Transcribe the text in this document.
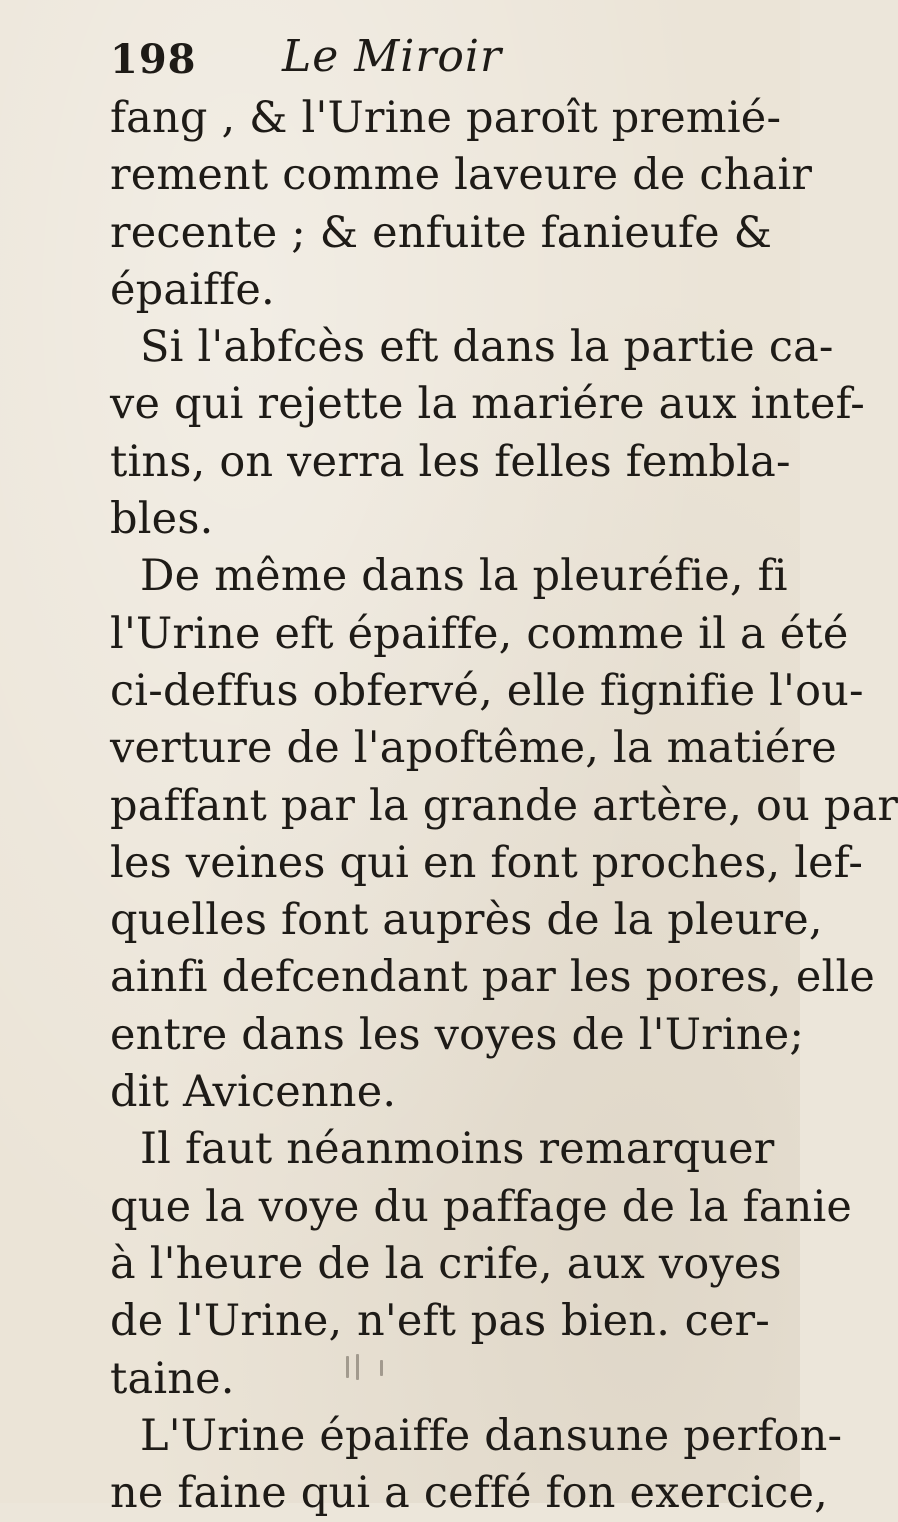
198 Le Miroir
fang , & l'Urine paroît premié-
rement comme laveure de chair
recente ; & enfuite fanieufe &
épaiffe.
Si l'abfcès eft dans la partie ca-
ve qui rejette la mariére aux intef-
tins, on verra les felles fembla-
bles.
De même dans la pleuréfie, fi
l'Urine eft épaiffe, comme il a été
ci-deffus obfervé, elle fignifie l'ou-
verture de l'apoftême, la matiére
paffant par la grande artère, ou par
les veines qui en font proches, lef-
quelles font auprès de la pleure,
ainfi defcendant par les pores, elle
entre dans les voyes de l'Urine;
dit Avicenne.
Il faut néanmoins remarquer
que la voye du paffage de la fanie
à l'heure de la crife, aux voyes
de l'Urine, n'eft pas bien. cer-
taine.
L'Urine épaiffe dansune perfon-
ne faine qui a ceffé fon exercice,
